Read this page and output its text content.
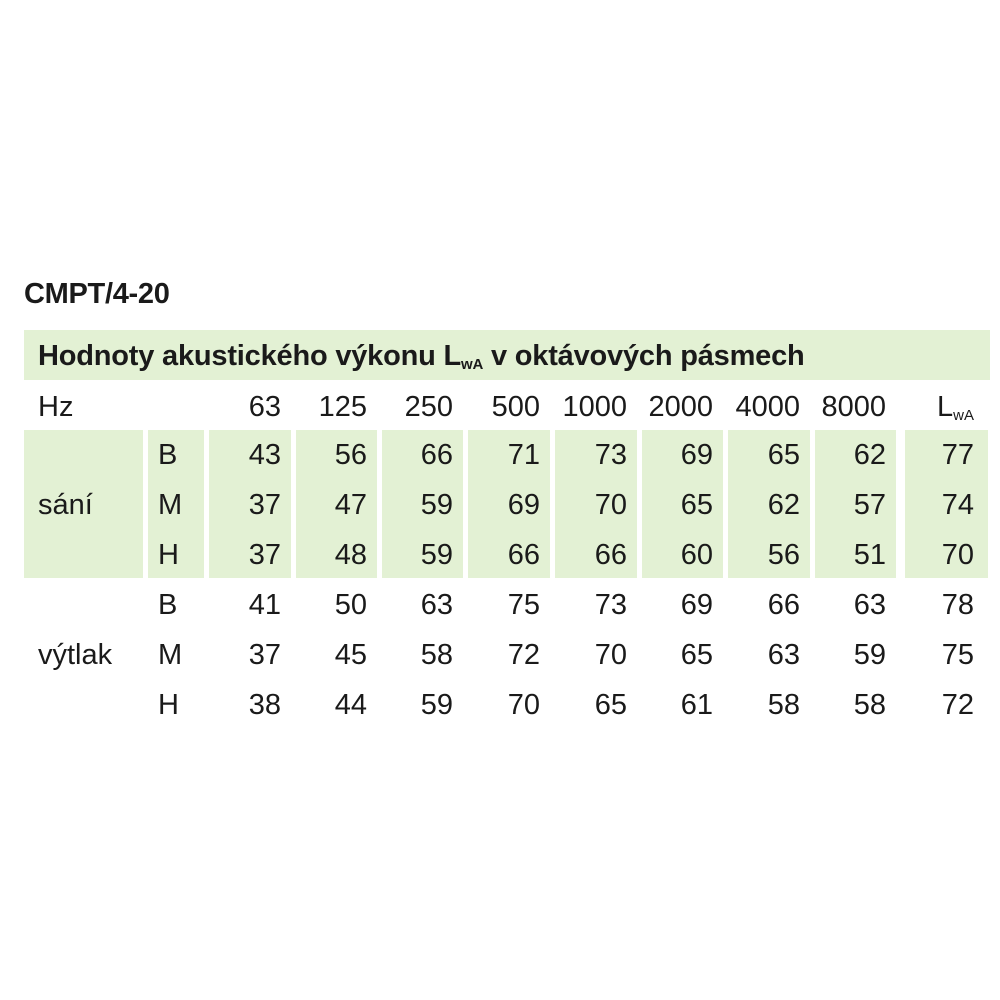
CMPT/4-20
Hodnoty akustického výkonu $L_{wA}$ v oktávových pásmech
Hz	63 125 250 500 1000 2000 4000 8000 $L_{wA}$
sání
B 43 56 66 71 73 69 65 62 77
M 37 47 59 69 70 65 62 57 74
H 37 48 59 66 66 60 56 51 70
výtlak
B 41 50 63 75 73 69 66 63 78
M 37 45 58 72 70 65 63 59 75
H 38 44 59 70 65 61 58 58 72
